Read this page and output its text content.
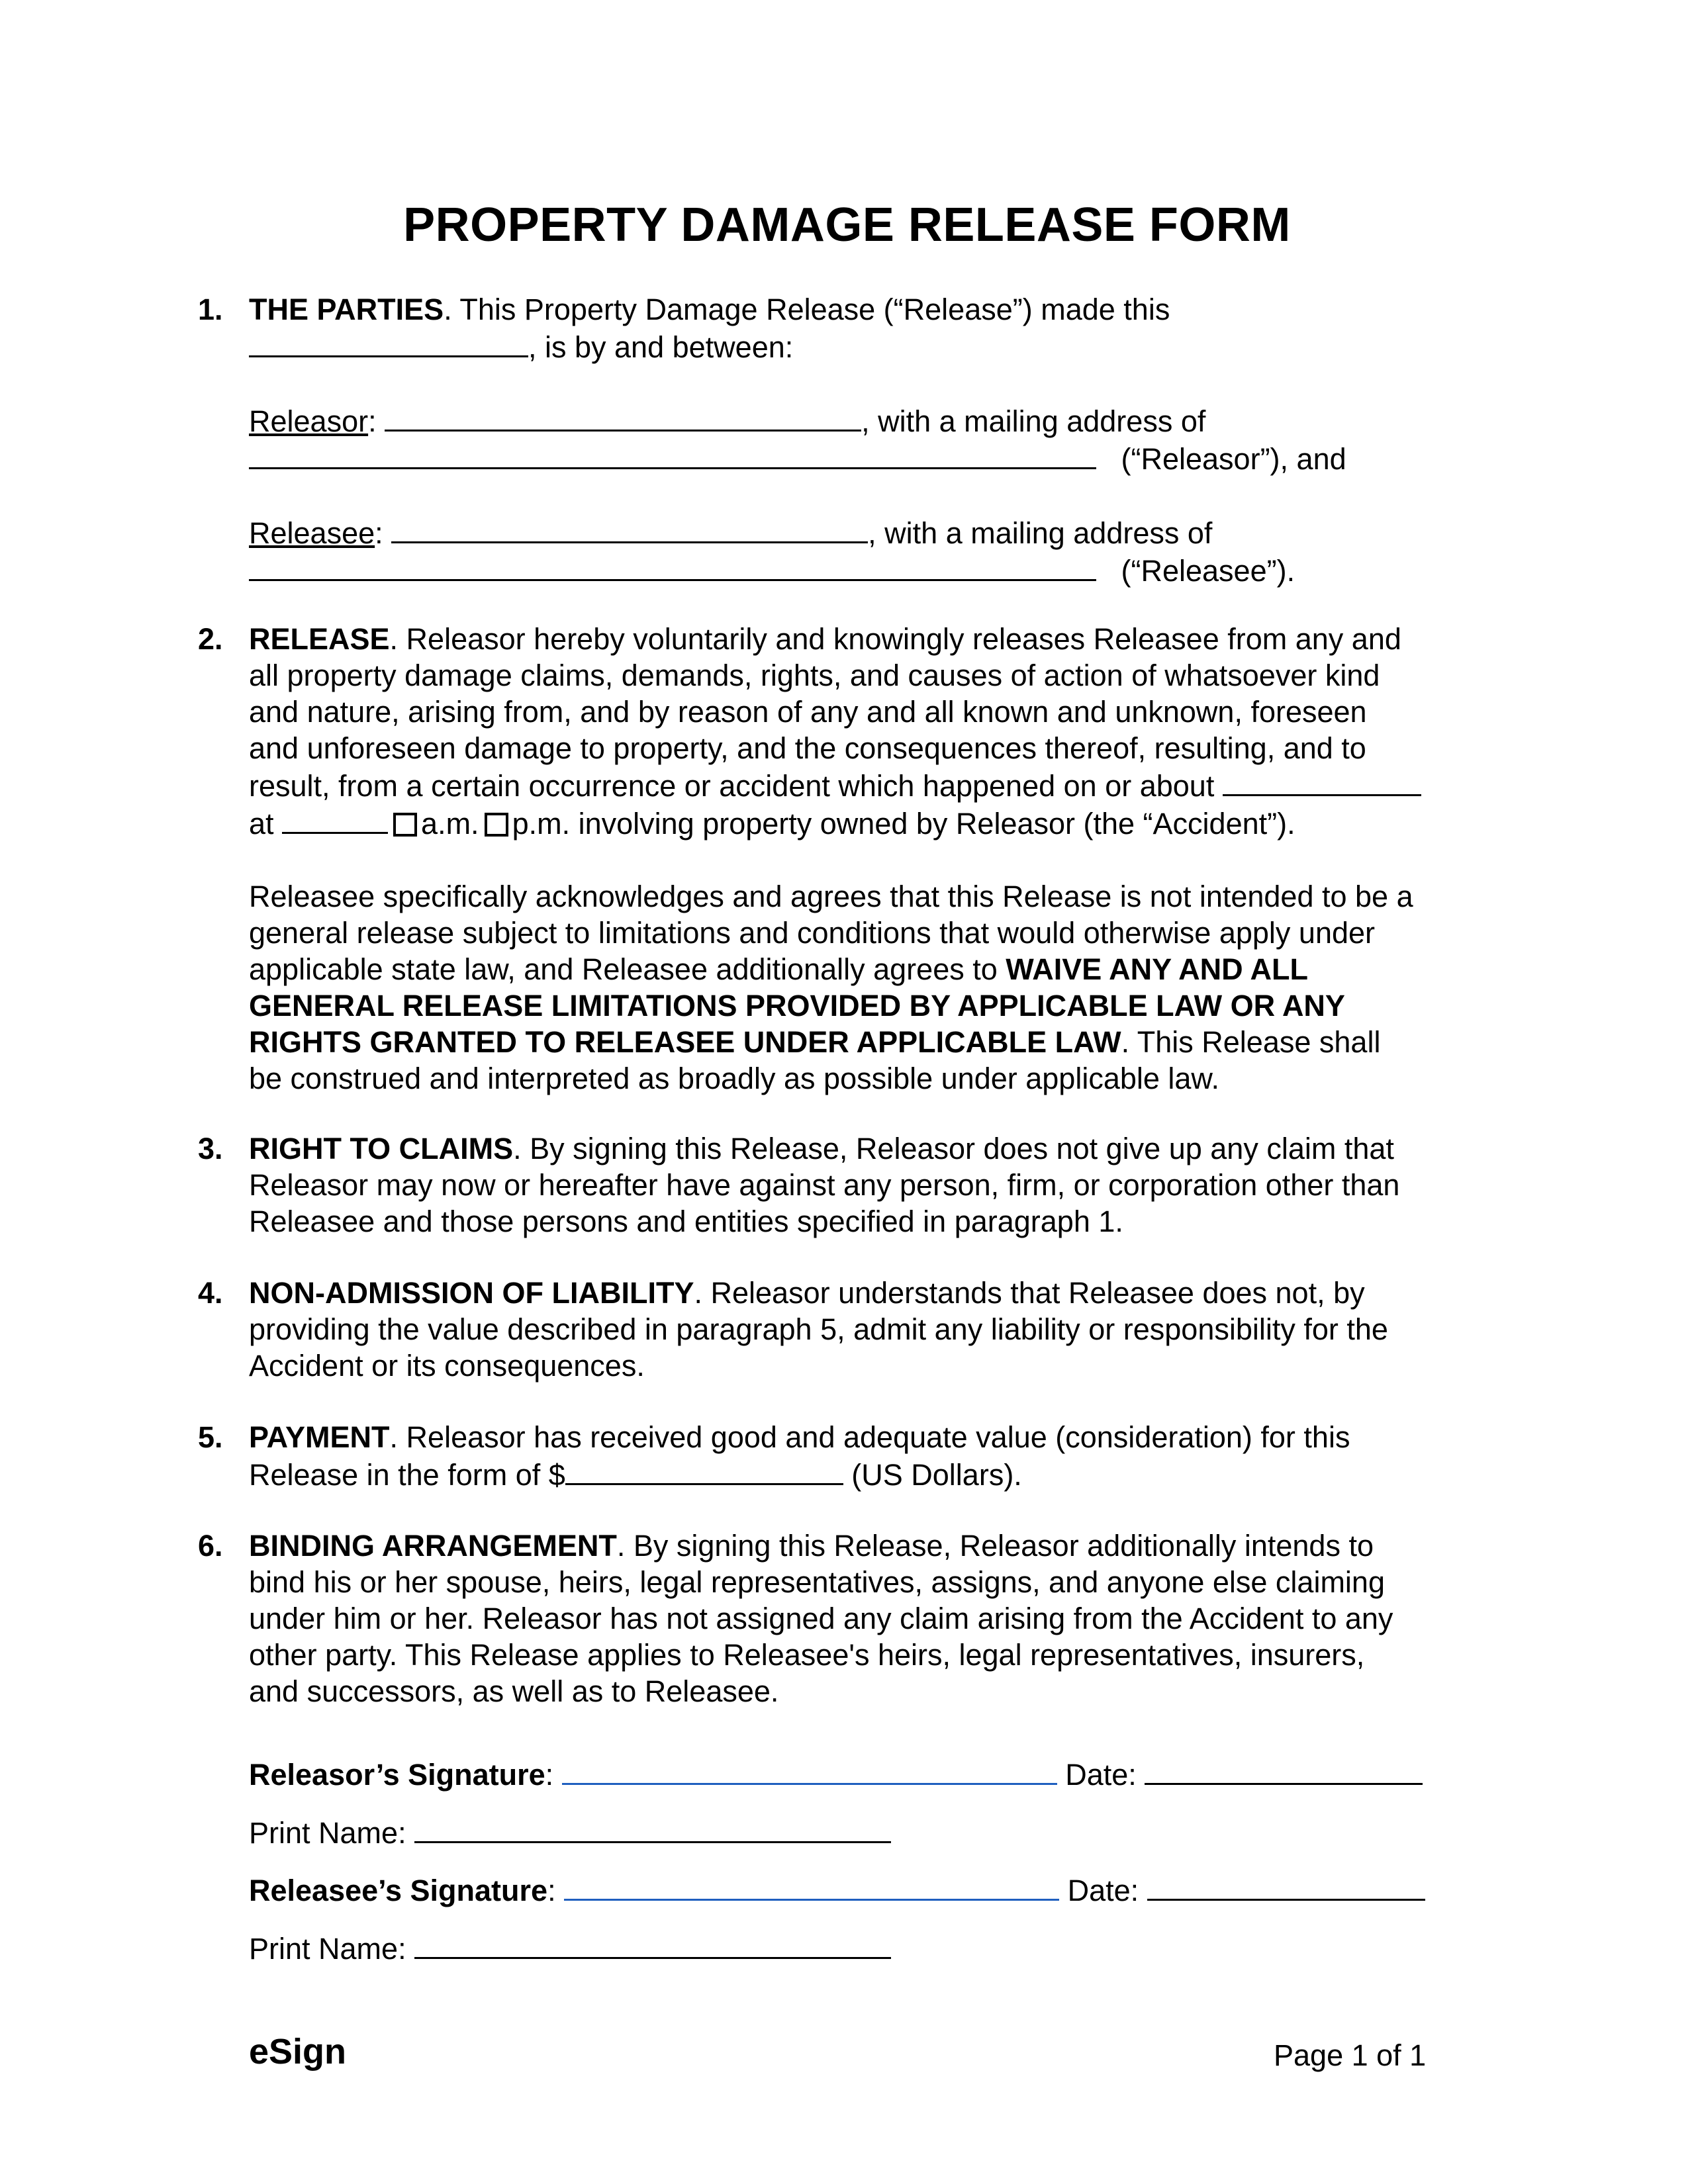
PROPERTY DAMAGE RELEASE FORM
1. THE PARTIES. This Property Damage Release (“Release”) made this
, is by and between:
Releasor:	, with a mailing address of
(“Releasor”), and
Releasee:	, with a mailing address of
(“Releasee”).
2. RELEASE. Releasor hereby voluntarily and knowingly releases Releasee from any and
all property damage claims, demands, rights, and causes of action of whatsoever kind
and nature, arising from, and by reason of any and all known and unknown, foreseen
and unforeseen damage to property, and the consequences thereof, resulting, and to
result, from a certain occurrence or accident which happened on or about
at	a.m. p.m. involving property owned by Releasor (the “Accident”).
Releasee specifically acknowledges and agrees that this Release is not intended to be a
general release subject to limitations and conditions that would otherwise apply under
applicable state law, and Releasee additionally agrees to WAIVE ANY AND ALL
GENERAL RELEASE LIMITATIONS PROVIDED BY APPLICABLE LAW OR ANY
RIGHTS GRANTED TO RELEASEE UNDER APPLICABLE LAW. This Release shall
be construed and interpreted as broadly as possible under applicable law.
3. RIGHT TO CLAIMS. By signing this Release, Releasor does not give up any claim that
Releasor may now or hereafter have against any person, firm, or corporation other than
Releasee and those persons and entities specified in paragraph 1.
4. NON-ADMISSION OF LIABILITY. Releasor understands that Releasee does not, by
providing the value described in paragraph 5, admit any liability or responsibility for the
Accident or its consequences.
5. PAYMENT. Releasor has received good and adequate value (consideration) for this
Release in the form of $	(US Dollars).
6. BINDING ARRANGEMENT. By signing this Release, Releasor additionally intends to
bind his or her spouse, heirs, legal representatives, assigns, and anyone else claiming
under him or her. Releasor has not assigned any claim arising from the Accident to any
other party. This Release applies to Releasee's heirs, legal representatives, insurers,
and successors, as well as to Releasee.
Releasor’s Signature:	Date:
Print Name:
Releasee’s Signature:	Date:
Print Name:
eSign	Page 1 of 1
